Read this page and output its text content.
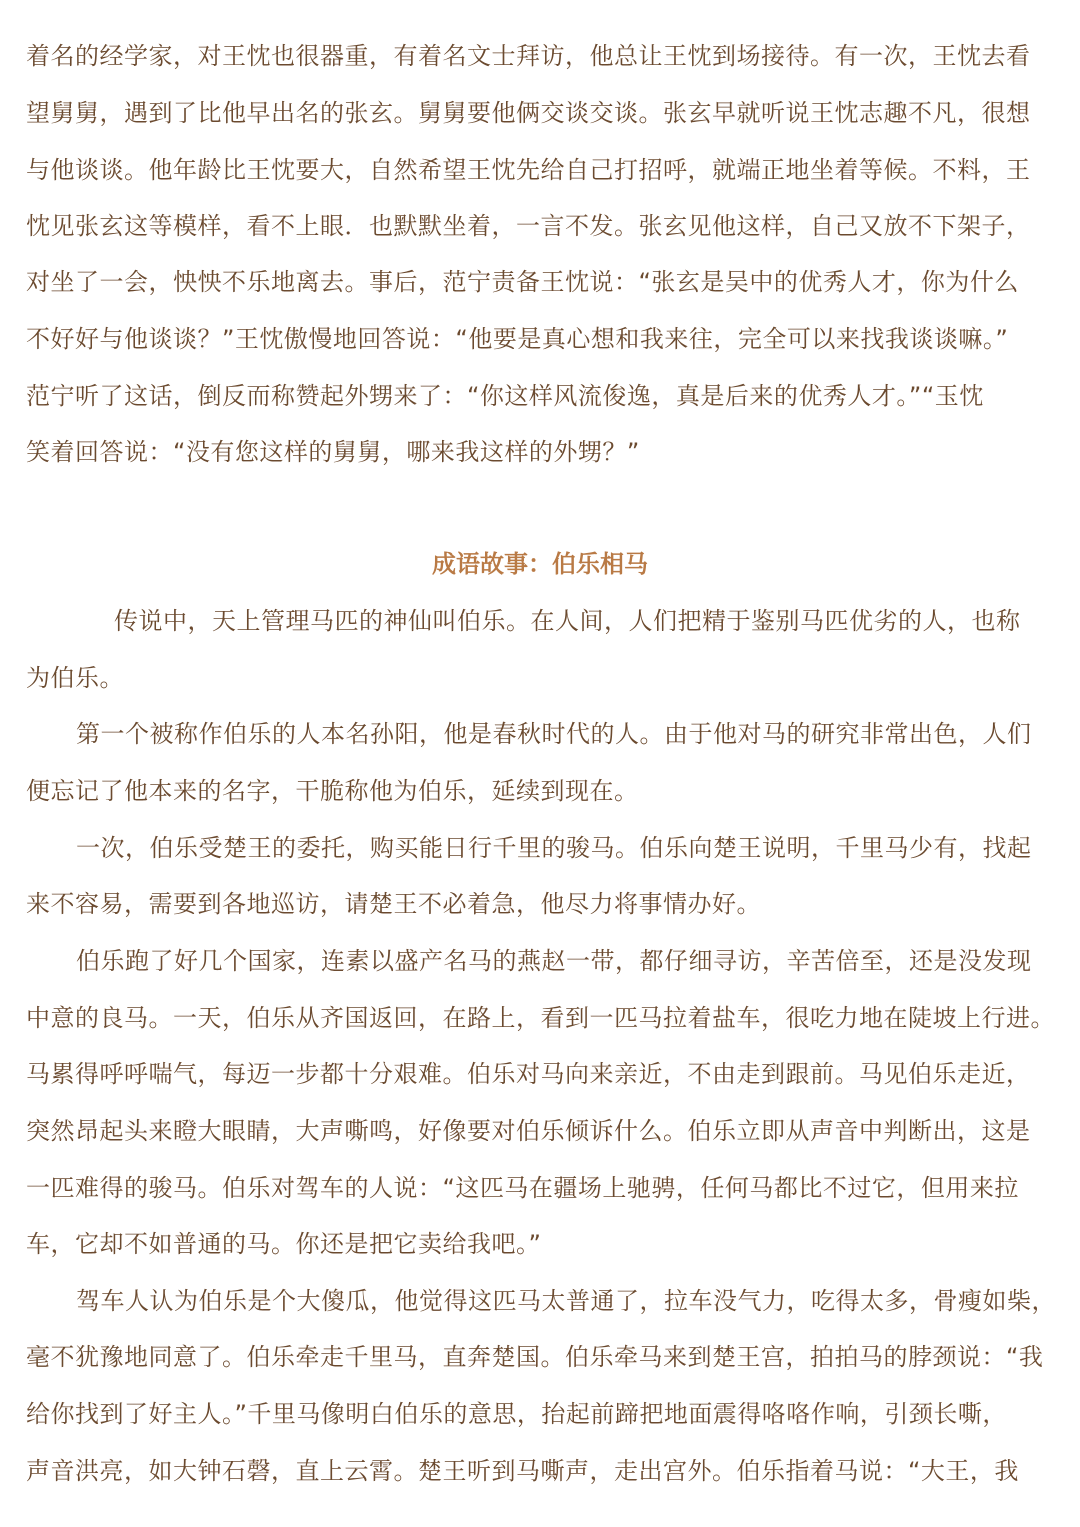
着名的经学家，对王忱也很器重，有着名文士拜访，他总让王忱到场接待。有一次，王忱去看
望舅舅，遇到了比他早出名的张玄。舅舅要他俩交谈交谈。张玄早就听说王忱志趣不凡，很想
与他谈谈。他年龄比王忱要大，自然希望王忱先给自己打招呼，就端正地坐着等候。不料，王
忱见张玄这等模样，看不上眼．也默默坐着，一言不发。张玄见他这样，自己又放不下架子，
对坐了一会，怏怏不乐地离去。事后，范宁责备王忱说：“张玄是吴中的优秀人才，你为什么
不好好与他谈谈？”王忱傲慢地回答说：“他要是真心想和我来往，完全可以来找我谈谈嘛。”
范宁听了这话，倒反而称赞起外甥来了：“你这样风流俊逸，真是后来的优秀人才。”“玉忱
笑着回答说：“没有您这样的舅舅，哪来我这样的外甥？”
成语故事：伯乐相马
传说中，天上管理马匹的神仙叫伯乐。在人间，人们把精于鉴别马匹优劣的人，也称
为伯乐。
第一个被称作伯乐的人本名孙阳，他是春秋时代的人。由于他对马的研究非常出色，人们
便忘记了他本来的名字，干脆称他为伯乐，延续到现在。
一次，伯乐受楚王的委托，购买能日行千里的骏马。伯乐向楚王说明，千里马少有，找起
来不容易，需要到各地巡访，请楚王不必着急，他尽力将事情办好。
伯乐跑了好几个国家，连素以盛产名马的燕赵一带，都仔细寻访，辛苦倍至，还是没发现
中意的良马。一天，伯乐从齐国返回，在路上，看到一匹马拉着盐车，很吃力地在陡坡上行进。
马累得呼呼喘气，每迈一步都十分艰难。伯乐对马向来亲近，不由走到跟前。马见伯乐走近，
突然昂起头来瞪大眼睛，大声嘶鸣，好像要对伯乐倾诉什么。伯乐立即从声音中判断出，这是
一匹难得的骏马。伯乐对驾车的人说：“这匹马在疆场上驰骋，任何马都比不过它，但用来拉
车，它却不如普通的马。你还是把它卖给我吧。”
驾车人认为伯乐是个大傻瓜，他觉得这匹马太普通了，拉车没气力，吃得太多，骨瘦如柴，
毫不犹豫地同意了。伯乐牵走千里马，直奔楚国。伯乐牵马来到楚王宫，拍拍马的脖颈说：“我
给你找到了好主人。”千里马像明白伯乐的意思，抬起前蹄把地面震得咯咯作响，引颈长嘶，
声音洪亮，如大钟石磬，直上云霄。楚王听到马嘶声，走出宫外。伯乐指着马说：“大王，我
